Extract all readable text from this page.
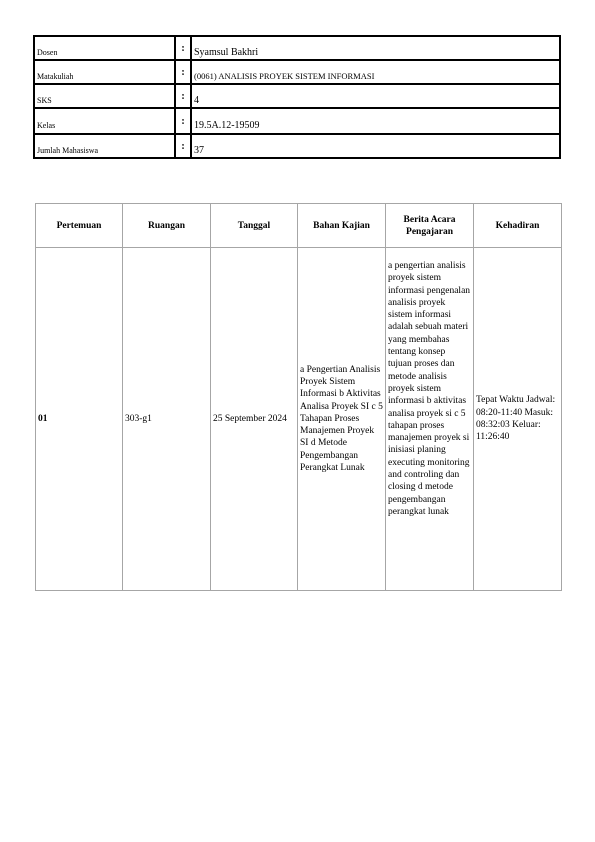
Dosen	:	Syamsul Bakhri
Matakuliah	:	(0061) ANALISIS PROYEK SISTEM INFORMASI
SKS	:	4
Kelas	:	19.5A.12-19509
Jumlah Mahasiswa	:	37
Pertemuan	Ruangan	Tanggal	Bahan Kajian	Berita Acara Pengajaran	Kehadiran
01	303-g1	25 September 2024	a Pengertian Analisis Proyek Sistem Informasi b Aktivitas Analisa Proyek SI c 5 Tahapan Proses Manajemen Proyek SI d Metode Pengembangan Perangkat Lunak	a pengertian analisis proyek sistem informasi pengenalan analisis proyek sistem informasi adalah sebuah materi yang membahas tentang konsep tujuan proses dan metode analisis proyek sistem informasi b aktivitas analisa proyek si c 5 tahapan proses manajemen proyek si inisiasi planing executing monitoring and controling dan closing d metode pengembangan perangkat lunak	Tepat Waktu Jadwal: 08:20-11:40 Masuk: 08:32:03 Keluar: 11:26:40
